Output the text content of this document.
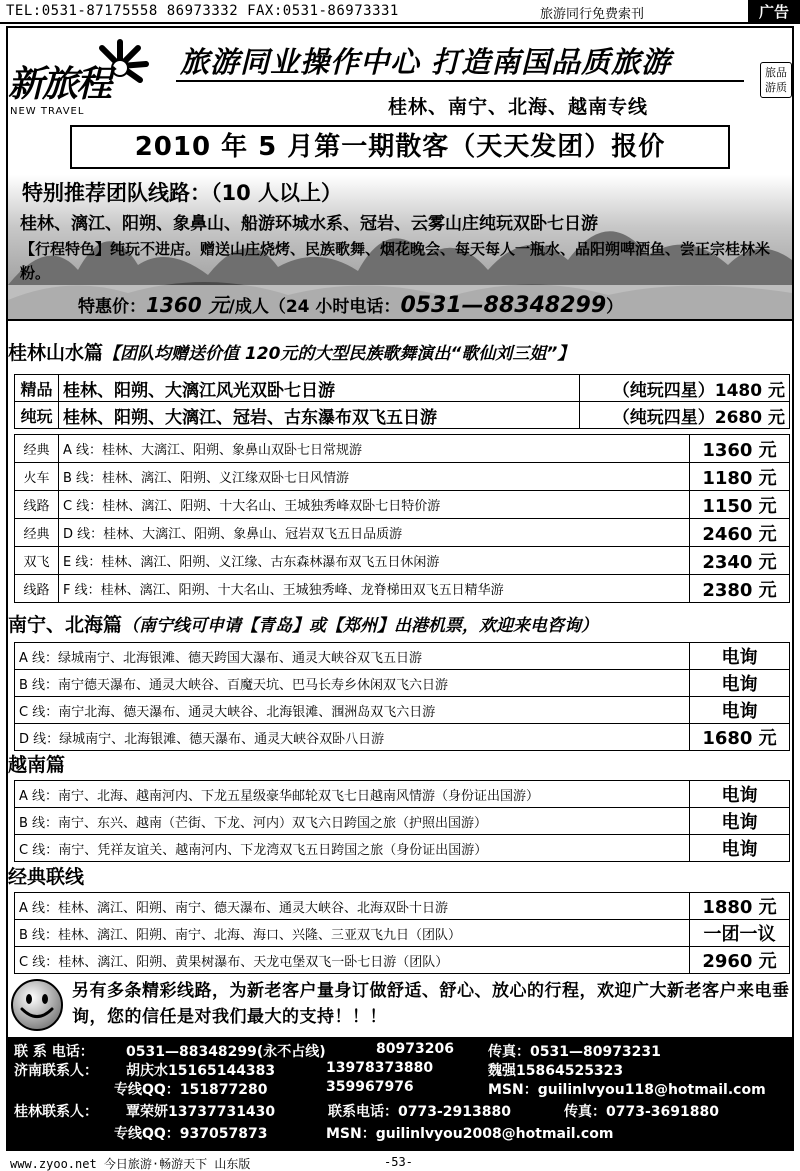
TEL:0531-87175558 86973332 FAX:0531-86973331	旅游同行免费索刊	广告
新旅程
NEW TRAVEL
旅游同业操作中心 打造南国品质旅游
桂林、南宁、北海、越南专线
旅品游质
2010 年 5 月第一期散客（天天发团）报价
特别推荐团队线路：（10 人以上）
桂林、漓江、阳朔、象鼻山、船游环城水系、冠岩、云雾山庄纯玩双卧七日游
【行程特色】纯玩不进店。赠送山庄烧烤、民族歌舞、烟花晚会、每天每人一瓶水、品阳朔啤酒鱼、尝正宗桂林米粉。
特惠价：1360 元/成人（24 小时电话：0531—88348299）
桂林山水篇【团队均赠送价值 120元的大型民族歌舞演出“歌仙刘三姐”】
精品	桂林、阳朔、大漓江风光双卧七日游	（纯玩四星）1480 元
纯玩	桂林、阳朔、大漓江、冠岩、古东瀑布双飞五日游	（纯玩四星）2680 元
经典	A 线：桂林、大漓江、阳朔、象鼻山双卧七日常规游	1360 元
火车	B 线：桂林、漓江、阳朔、义江缘双卧七日风情游	1180 元
线路	C 线：桂林、漓江、阳朔、十大名山、王城独秀峰双卧七日特价游	1150 元
经典	D 线：桂林、大漓江、阳朔、象鼻山、冠岩双飞五日品质游	2460 元
双飞	E 线：桂林、漓江、阳朔、义江缘、古东森林瀑布双飞五日休闲游	2340 元
线路	F 线：桂林、漓江、阳朔、十大名山、王城独秀峰、龙脊梯田双飞五日精华游	2380 元
南宁、北海篇（南宁线可申请【青岛】或【郑州】出港机票，欢迎来电咨询）
A 线：绿城南宁、北海银滩、德天跨国大瀑布、通灵大峡谷双飞五日游	电询
B 线：南宁德天瀑布、通灵大峡谷、百魔天坑、巴马长寿乡休闲双飞六日游	电询
C 线：南宁北海、德天瀑布、通灵大峡谷、北海银滩、涠洲岛双飞六日游	电询
D 线：绿城南宁、北海银滩、德天瀑布、通灵大峡谷双卧八日游	1680 元
越南篇
A 线：南宁、北海、越南河内、下龙五星级豪华邮轮双飞七日越南风情游（身份证出国游）	电询
B 线：南宁、东兴、越南（芒街、下龙、河内）双飞六日跨国之旅（护照出国游）	电询
C 线：南宁、凭祥友谊关、越南河内、下龙湾双飞五日跨国之旅（身份证出国游）	电询
经典联线
A 线：桂林、漓江、阳朔、南宁、德天瀑布、通灵大峡谷、北海双卧十日游	1880 元
B 线：桂林、漓江、阳朔、南宁、北海、海口、兴隆、三亚双飞九日（团队）	一团一议
C 线：桂林、漓江、阳朔、黄果树瀑布、天龙屯堡双飞一卧七日游（团队）	2960 元
另有多条精彩线路，为新老客户量身订做舒适、舒心、放心的行程，欢迎广大新老客户来电垂询，您的信任是对我们最大的支持！！！
联 系 电话： 0531—88348299(永不占线)	80973206 传真：0531—80973231
济南联系人： 胡庆水15165144383	13978373880	魏强15864525323
专线QQ：151877280	359967976	MSN：guilinlvyou118@hotmail.com
桂林联系人： 覃荣妍13737731430	联系电话：0773-2913880	传真：0773-3691880
专线QQ：937057873	MSN：guilinlvyou2008@hotmail.com
www.zyoo.net 今日旅游·畅游天下 山东版	-53-
